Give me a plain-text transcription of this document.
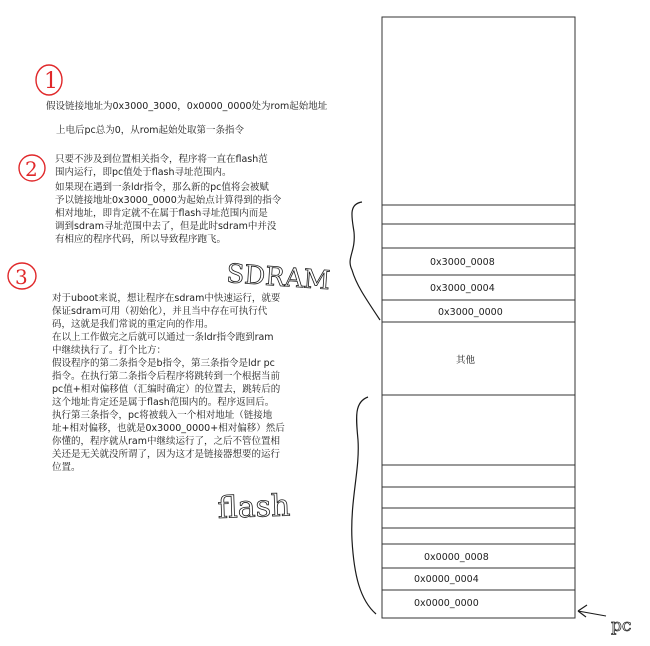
1
2
3	SDRAM
flash
pc
假设链接地址为0x3000_3000，0x0000_0000处为rom起始地址
上电后pc总为0，从rom起始处取第一条指令
只要不涉及到位置相关指令，程序将一直在flash范
围内运行，即pc值处于flash寻址范围内。
如果现在遇到一条ldr指令，那么新的pc值将会被赋
予以链接地址0x3000_0000为起始点计算得到的指令
相对地址，即肯定就不在属于flash寻址范围内而是
调到sdram寻址范围中去了，但是此时sdram中并没
有相应的程序代码，所以导致程序跑飞。
对于uboot来说，想让程序在sdram中快速运行，就要
保证sdram可用（初始化），并且当中存在可执行代
码，这就是我们常说的重定向的作用。
在以上工作做完之后就可以通过一条ldr指令跑到ram
中继续执行了。打个比方：
假设程序的第二条指令是b指令，第三条指令是ldr pc
指令。在执行第二条指令后程序将跳转到一个根据当前
pc值+相对偏移值（汇编时确定）的位置去，跳转后的
这个地址肯定还是属于flash范围内的。程序返回后。
执行第三条指令，pc将被载入一个相对地址（链接地
址+相对偏移，也就是0x3000_0000+相对偏移）然后
你懂的，程序就从ram中继续运行了，之后不管位置相
关还是无关就没所谓了，因为这才是链接器想要的运行
位置。
0x3000_0008
0x3000_0004
0x3000_0000
其他
0x0000_0008
0x0000_0004
0x0000_0000
